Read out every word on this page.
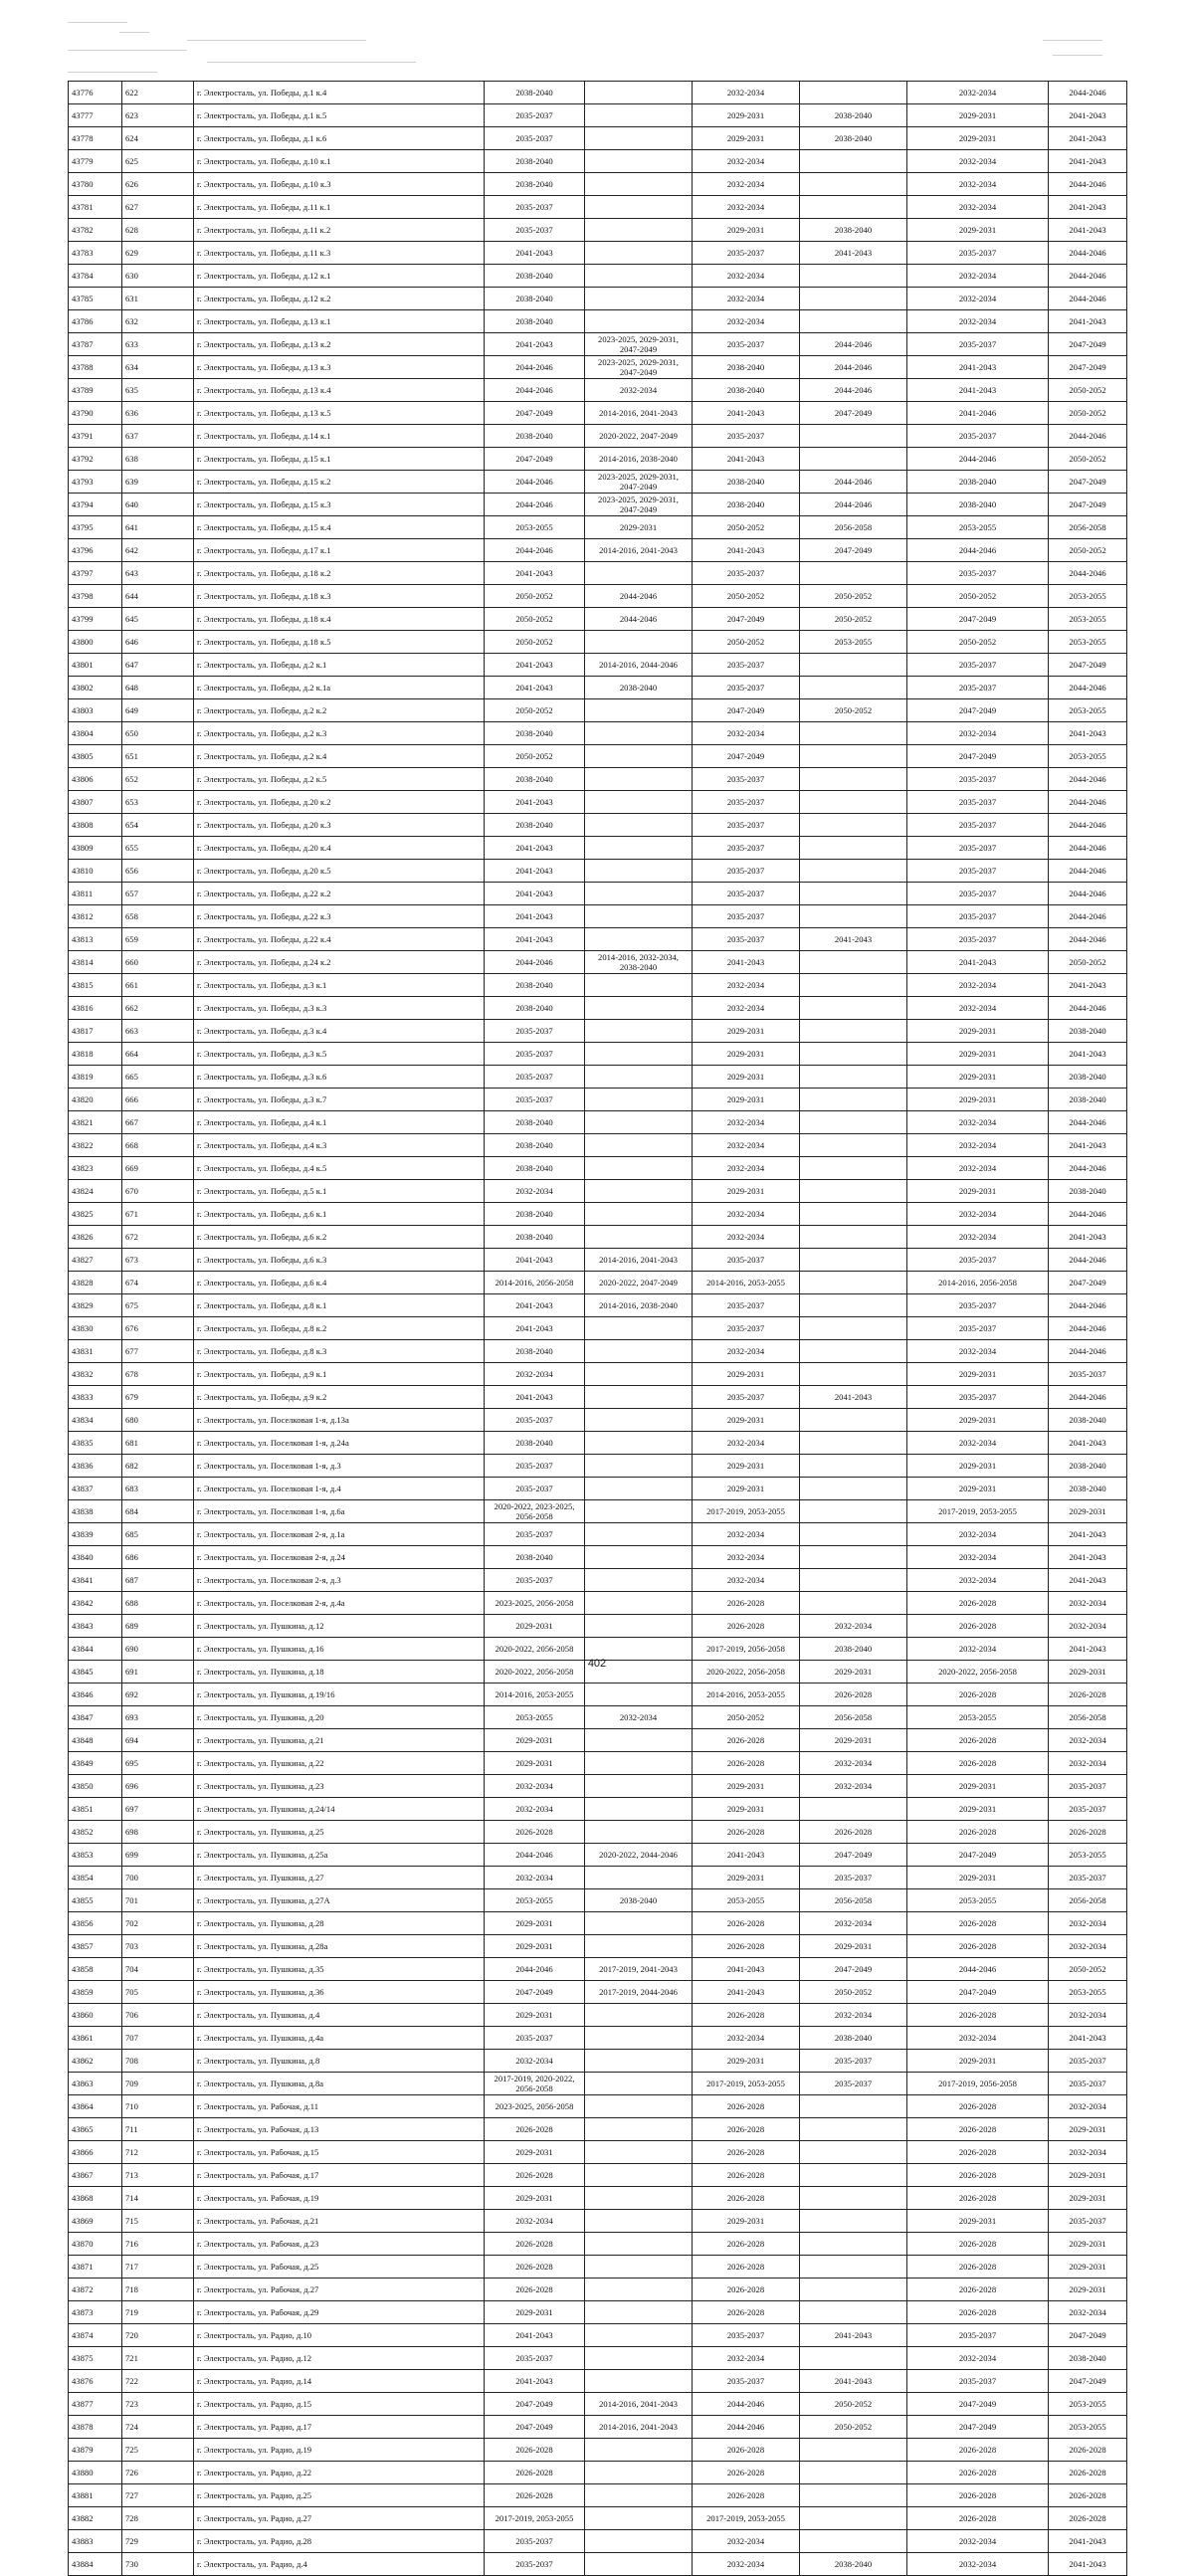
43776	622	г. Электросталь, ул. Победы, д.1 к.4	2038-2040		2032-2034		2032-2034	2044-2046
43777	623	г. Электросталь, ул. Победы, д.1 к.5	2035-2037		2029-2031	2038-2040	2029-2031	2041-2043
43778	624	г. Электросталь, ул. Победы, д.1 к.6	2035-2037		2029-2031	2038-2040	2029-2031	2041-2043
43779	625	г. Электросталь, ул. Победы, д.10 к.1	2038-2040		2032-2034		2032-2034	2041-2043
43780	626	г. Электросталь, ул. Победы, д.10 к.3	2038-2040		2032-2034		2032-2034	2044-2046
43781	627	г. Электросталь, ул. Победы, д.11 к.1	2035-2037		2032-2034		2032-2034	2041-2043
43782	628	г. Электросталь, ул. Победы, д.11 к.2	2035-2037		2029-2031	2038-2040	2029-2031	2041-2043
43783	629	г. Электросталь, ул. Победы, д.11 к.3	2041-2043		2035-2037	2041-2043	2035-2037	2044-2046
43784	630	г. Электросталь, ул. Победы, д.12 к.1	2038-2040		2032-2034		2032-2034	2044-2046
43785	631	г. Электросталь, ул. Победы, д.12 к.2	2038-2040		2032-2034		2032-2034	2044-2046
43786	632	г. Электросталь, ул. Победы, д.13 к.1	2038-2040		2032-2034		2032-2034	2041-2043
43787	633	г. Электросталь, ул. Победы, д.13 к.2	2041-2043	2023-2025, 2029-2031, 2047-2049	2035-2037	2044-2046	2035-2037	2047-2049
43788	634	г. Электросталь, ул. Победы, д.13 к.3	2044-2046	2023-2025, 2029-2031, 2047-2049	2038-2040	2044-2046	2041-2043	2047-2049
43789	635	г. Электросталь, ул. Победы, д.13 к.4	2044-2046	2032-2034	2038-2040	2044-2046	2041-2043	2050-2052
43790	636	г. Электросталь, ул. Победы, д.13 к.5	2047-2049	2014-2016, 2041-2043	2041-2043	2047-2049	2041-2046	2050-2052
43791	637	г. Электросталь, ул. Победы, д.14 к.1	2038-2040	2020-2022, 2047-2049	2035-2037		2035-2037	2044-2046
43792	638	г. Электросталь, ул. Победы, д.15 к.1	2047-2049	2014-2016, 2038-2040	2041-2043		2044-2046	2050-2052
43793	639	г. Электросталь, ул. Победы, д.15 к.2	2044-2046	2023-2025, 2029-2031, 2047-2049	2038-2040	2044-2046	2038-2040	2047-2049
43794	640	г. Электросталь, ул. Победы, д.15 к.3	2044-2046	2023-2025, 2029-2031, 2047-2049	2038-2040	2044-2046	2038-2040	2047-2049
43795	641	г. Электросталь, ул. Победы, д.15 к.4	2053-2055	2029-2031	2050-2052	2056-2058	2053-2055	2056-2058
43796	642	г. Электросталь, ул. Победы, д.17 к.1	2044-2046	2014-2016, 2041-2043	2041-2043	2047-2049	2044-2046	2050-2052
43797	643	г. Электросталь, ул. Победы, д.18 к.2	2041-2043		2035-2037		2035-2037	2044-2046
43798	644	г. Электросталь, ул. Победы, д.18 к.3	2050-2052	2044-2046	2050-2052	2050-2052	2050-2052	2053-2055
43799	645	г. Электросталь, ул. Победы, д.18 к.4	2050-2052	2044-2046	2047-2049	2050-2052	2047-2049	2053-2055
43800	646	г. Электросталь, ул. Победы, д.18 к.5	2050-2052		2050-2052	2053-2055	2050-2052	2053-2055
43801	647	г. Электросталь, ул. Победы, д.2 к.1	2041-2043	2014-2016, 2044-2046	2035-2037		2035-2037	2047-2049
43802	648	г. Электросталь, ул. Победы, д.2 к.1а	2041-2043	2038-2040	2035-2037		2035-2037	2044-2046
43803	649	г. Электросталь, ул. Победы, д.2 к.2	2050-2052		2047-2049	2050-2052	2047-2049	2053-2055
43804	650	г. Электросталь, ул. Победы, д.2 к.3	2038-2040		2032-2034		2032-2034	2041-2043
43805	651	г. Электросталь, ул. Победы, д.2 к.4	2050-2052		2047-2049		2047-2049	2053-2055
43806	652	г. Электросталь, ул. Победы, д.2 к.5	2038-2040		2035-2037		2035-2037	2044-2046
43807	653	г. Электросталь, ул. Победы, д.20 к.2	2041-2043		2035-2037		2035-2037	2044-2046
43808	654	г. Электросталь, ул. Победы, д.20 к.3	2038-2040		2035-2037		2035-2037	2044-2046
43809	655	г. Электросталь, ул. Победы, д.20 к.4	2041-2043		2035-2037		2035-2037	2044-2046
43810	656	г. Электросталь, ул. Победы, д.20 к.5	2041-2043		2035-2037		2035-2037	2044-2046
43811	657	г. Электросталь, ул. Победы, д.22 к.2	2041-2043		2035-2037		2035-2037	2044-2046
43812	658	г. Электросталь, ул. Победы, д.22 к.3	2041-2043		2035-2037		2035-2037	2044-2046
43813	659	г. Электросталь, ул. Победы, д.22 к.4	2041-2043		2035-2037	2041-2043	2035-2037	2044-2046
43814	660	г. Электросталь, ул. Победы, д.24 к.2	2044-2046	2014-2016, 2032-2034, 2038-2040	2041-2043		2041-2043	2050-2052
43815	661	г. Электросталь, ул. Победы, д.3 к.1	2038-2040		2032-2034		2032-2034	2041-2043
43816	662	г. Электросталь, ул. Победы, д.3 к.3	2038-2040		2032-2034		2032-2034	2044-2046
43817	663	г. Электросталь, ул. Победы, д.3 к.4	2035-2037		2029-2031		2029-2031	2038-2040
43818	664	г. Электросталь, ул. Победы, д.3 к.5	2035-2037		2029-2031		2029-2031	2041-2043
43819	665	г. Электросталь, ул. Победы, д.3 к.6	2035-2037		2029-2031		2029-2031	2038-2040
43820	666	г. Электросталь, ул. Победы, д.3 к.7	2035-2037		2029-2031		2029-2031	2038-2040
43821	667	г. Электросталь, ул. Победы, д.4 к.1	2038-2040		2032-2034		2032-2034	2044-2046
43822	668	г. Электросталь, ул. Победы, д.4 к.3	2038-2040		2032-2034		2032-2034	2041-2043
43823	669	г. Электросталь, ул. Победы, д.4 к.5	2038-2040		2032-2034		2032-2034	2044-2046
43824	670	г. Электросталь, ул. Победы, д.5 к.1	2032-2034		2029-2031		2029-2031	2038-2040
43825	671	г. Электросталь, ул. Победы, д.6 к.1	2038-2040		2032-2034		2032-2034	2044-2046
43826	672	г. Электросталь, ул. Победы, д.6 к.2	2038-2040		2032-2034		2032-2034	2041-2043
43827	673	г. Электросталь, ул. Победы, д.6 к.3	2041-2043	2014-2016, 2041-2043	2035-2037		2035-2037	2044-2046
43828	674	г. Электросталь, ул. Победы, д.6 к.4	2014-2016, 2056-2058	2020-2022, 2047-2049	2014-2016, 2053-2055		2014-2016, 2056-2058	2047-2049
43829	675	г. Электросталь, ул. Победы, д.8 к.1	2041-2043	2014-2016, 2038-2040	2035-2037		2035-2037	2044-2046
43830	676	г. Электросталь, ул. Победы, д.8 к.2	2041-2043		2035-2037		2035-2037	2044-2046
43831	677	г. Электросталь, ул. Победы, д.8 к.3	2038-2040		2032-2034		2032-2034	2044-2046
43832	678	г. Электросталь, ул. Победы, д.9 к.1	2032-2034		2029-2031		2029-2031	2035-2037
43833	679	г. Электросталь, ул. Победы, д.9 к.2	2041-2043		2035-2037	2041-2043	2035-2037	2044-2046
43834	680	г. Электросталь, ул. Поселковая 1-я, д.13а	2035-2037		2029-2031		2029-2031	2038-2040
43835	681	г. Электросталь, ул. Поселковая 1-я, д.24а	2038-2040		2032-2034		2032-2034	2041-2043
43836	682	г. Электросталь, ул. Поселковая 1-я, д.3	2035-2037		2029-2031		2029-2031	2038-2040
43837	683	г. Электросталь, ул. Поселковая 1-я, д.4	2035-2037		2029-2031		2029-2031	2038-2040
43838	684	г. Электросталь, ул. Поселковая 1-я, д.6а	2020-2022, 2023-2025, 2056-2058		2017-2019, 2053-2055		2017-2019, 2053-2055	2029-2031
43839	685	г. Электросталь, ул. Поселковая 2-я, д.1а	2035-2037		2032-2034		2032-2034	2041-2043
43840	686	г. Электросталь, ул. Поселковая 2-я, д.24	2038-2040		2032-2034		2032-2034	2041-2043
43841	687	г. Электросталь, ул. Поселковая 2-я, д.3	2035-2037		2032-2034		2032-2034	2041-2043
43842	688	г. Электросталь, ул. Поселковая 2-я, д.4а	2023-2025, 2056-2058		2026-2028		2026-2028	2032-2034
43843	689	г. Электросталь, ул. Пушкина, д.12	2029-2031		2026-2028	2032-2034	2026-2028	2032-2034
43844	690	г. Электросталь, ул. Пушкина, д.16	2020-2022, 2056-2058		2017-2019, 2056-2058	2038-2040	2032-2034	2041-2043
43845	691	г. Электросталь, ул. Пушкина, д.18	2020-2022, 2056-2058		2020-2022, 2056-2058	2029-2031	2020-2022, 2056-2058	2029-2031
43846	692	г. Электросталь, ул. Пушкина, д.19/16	2014-2016, 2053-2055		2014-2016, 2053-2055	2026-2028	2026-2028	2026-2028
43847	693	г. Электросталь, ул. Пушкина, д.20	2053-2055	2032-2034	2050-2052	2056-2058	2053-2055	2056-2058
43848	694	г. Электросталь, ул. Пушкина, д.21	2029-2031		2026-2028	2029-2031	2026-2028	2032-2034
43849	695	г. Электросталь, ул. Пушкина, д.22	2029-2031		2026-2028	2032-2034	2026-2028	2032-2034
43850	696	г. Электросталь, ул. Пушкина, д.23	2032-2034		2029-2031	2032-2034	2029-2031	2035-2037
43851	697	г. Электросталь, ул. Пушкина, д.24/14	2032-2034		2029-2031		2029-2031	2035-2037
43852	698	г. Электросталь, ул. Пушкина, д.25	2026-2028		2026-2028	2026-2028	2026-2028	2026-2028
43853	699	г. Электросталь, ул. Пушкина, д.25а	2044-2046	2020-2022, 2044-2046	2041-2043	2047-2049	2047-2049	2053-2055
43854	700	г. Электросталь, ул. Пушкина, д.27	2032-2034		2029-2031	2035-2037	2029-2031	2035-2037
43855	701	г. Электросталь, ул. Пушкина, д.27А	2053-2055	2038-2040	2053-2055	2056-2058	2053-2055	2056-2058
43856	702	г. Электросталь, ул. Пушкина, д.28	2029-2031		2026-2028	2032-2034	2026-2028	2032-2034
43857	703	г. Электросталь, ул. Пушкина, д.28а	2029-2031		2026-2028	2029-2031	2026-2028	2032-2034
43858	704	г. Электросталь, ул. Пушкина, д.35	2044-2046	2017-2019, 2041-2043	2041-2043	2047-2049	2044-2046	2050-2052
43859	705	г. Электросталь, ул. Пушкина, д.36	2047-2049	2017-2019, 2044-2046	2041-2043	2050-2052	2047-2049	2053-2055
43860	706	г. Электросталь, ул. Пушкина, д.4	2029-2031		2026-2028	2032-2034	2026-2028	2032-2034
43861	707	г. Электросталь, ул. Пушкина, д.4а	2035-2037		2032-2034	2038-2040	2032-2034	2041-2043
43862	708	г. Электросталь, ул. Пушкина, д.8	2032-2034		2029-2031	2035-2037	2029-2031	2035-2037
43863	709	г. Электросталь, ул. Пушкина, д.8а	2017-2019, 2020-2022, 2056-2058		2017-2019, 2053-2055	2035-2037	2017-2019, 2056-2058	2035-2037
43864	710	г. Электросталь, ул. Рабочая, д.11	2023-2025, 2056-2058		2026-2028		2026-2028	2032-2034
43865	711	г. Электросталь, ул. Рабочая, д.13	2026-2028		2026-2028		2026-2028	2029-2031
43866	712	г. Электросталь, ул. Рабочая, д.15	2029-2031		2026-2028		2026-2028	2032-2034
43867	713	г. Электросталь, ул. Рабочая, д.17	2026-2028		2026-2028		2026-2028	2029-2031
43868	714	г. Электросталь, ул. Рабочая, д.19	2029-2031		2026-2028		2026-2028	2029-2031
43869	715	г. Электросталь, ул. Рабочая, д.21	2032-2034		2029-2031		2029-2031	2035-2037
43870	716	г. Электросталь, ул. Рабочая, д.23	2026-2028		2026-2028		2026-2028	2029-2031
43871	717	г. Электросталь, ул. Рабочая, д.25	2026-2028		2026-2028		2026-2028	2029-2031
43872	718	г. Электросталь, ул. Рабочая, д.27	2026-2028		2026-2028		2026-2028	2029-2031
43873	719	г. Электросталь, ул. Рабочая, д.29	2029-2031		2026-2028		2026-2028	2032-2034
43874	720	г. Электросталь, ул. Радио, д.10	2041-2043		2035-2037	2041-2043	2035-2037	2047-2049
43875	721	г. Электросталь, ул. Радио, д.12	2035-2037		2032-2034		2032-2034	2038-2040
43876	722	г. Электросталь, ул. Радио, д.14	2041-2043		2035-2037	2041-2043	2035-2037	2047-2049
43877	723	г. Электросталь, ул. Радио, д.15	2047-2049	2014-2016, 2041-2043	2044-2046	2050-2052	2047-2049	2053-2055
43878	724	г. Электросталь, ул. Радио, д.17	2047-2049	2014-2016, 2041-2043	2044-2046	2050-2052	2047-2049	2053-2055
43879	725	г. Электросталь, ул. Радио, д.19	2026-2028		2026-2028		2026-2028	2026-2028
43880	726	г. Электросталь, ул. Радио, д.22	2026-2028		2026-2028		2026-2028	2026-2028
43881	727	г. Электросталь, ул. Радио, д.25	2026-2028		2026-2028		2026-2028	2026-2028
43882	728	г. Электросталь, ул. Радио, д.27	2017-2019, 2053-2055		2017-2019, 2053-2055		2026-2028	2026-2028
43883	729	г. Электросталь, ул. Радио, д.28	2035-2037		2032-2034		2032-2034	2041-2043
43884	730	г. Электросталь, ул. Радио, д.4	2035-2037		2032-2034	2038-2040	2032-2034	2041-2043
402
